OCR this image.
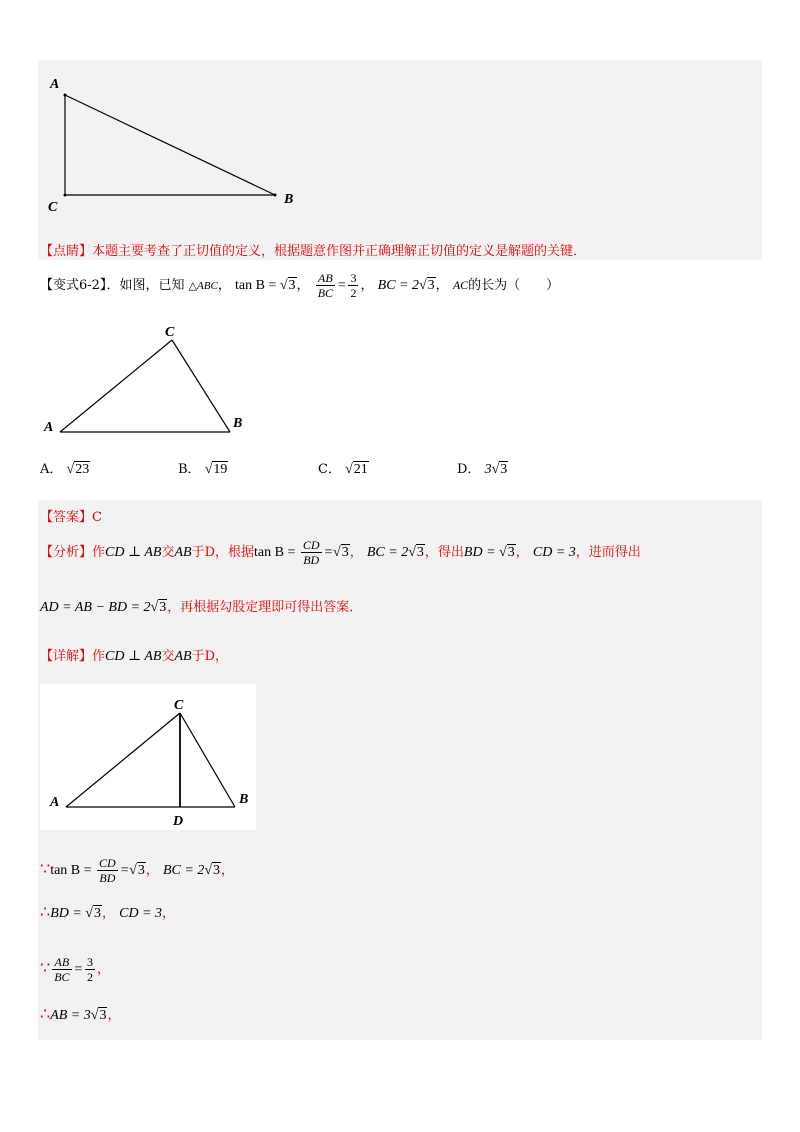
A
C
B
【点睛】本题主要考查了正切值的定义，根据题意作图并正确理解正切值的定义是解题的关键．
【变式6-2】．如图，已知 △ABC， tan B = √3， $\frac{AB}{BC} = \frac{3}{2}$ ， BC = 2√3， AC的长为（　　）
C
A	B
A． √23	B． √19	C． √21	D． 3√3
【答案】C
【分析】作CD ⊥ AB交AB于D，根据$\tan B = \frac{CD}{BD} =√3$， BC = 2√3，得出BD = √3， CD = 3，进而得出
AD = AB − BD = 2√3，再根据勾股定理即可得出答案．
【详解】作CD ⊥ AB交AB于D，
C
A	B
D
∵tan $B = \frac{CD}{BD} =√3$， BC = 2√3，
∴BD = √3， CD = 3，
∵ $\frac{AB}{BC} = \frac{3}{2}$ ，
∴AB = 3√3，
